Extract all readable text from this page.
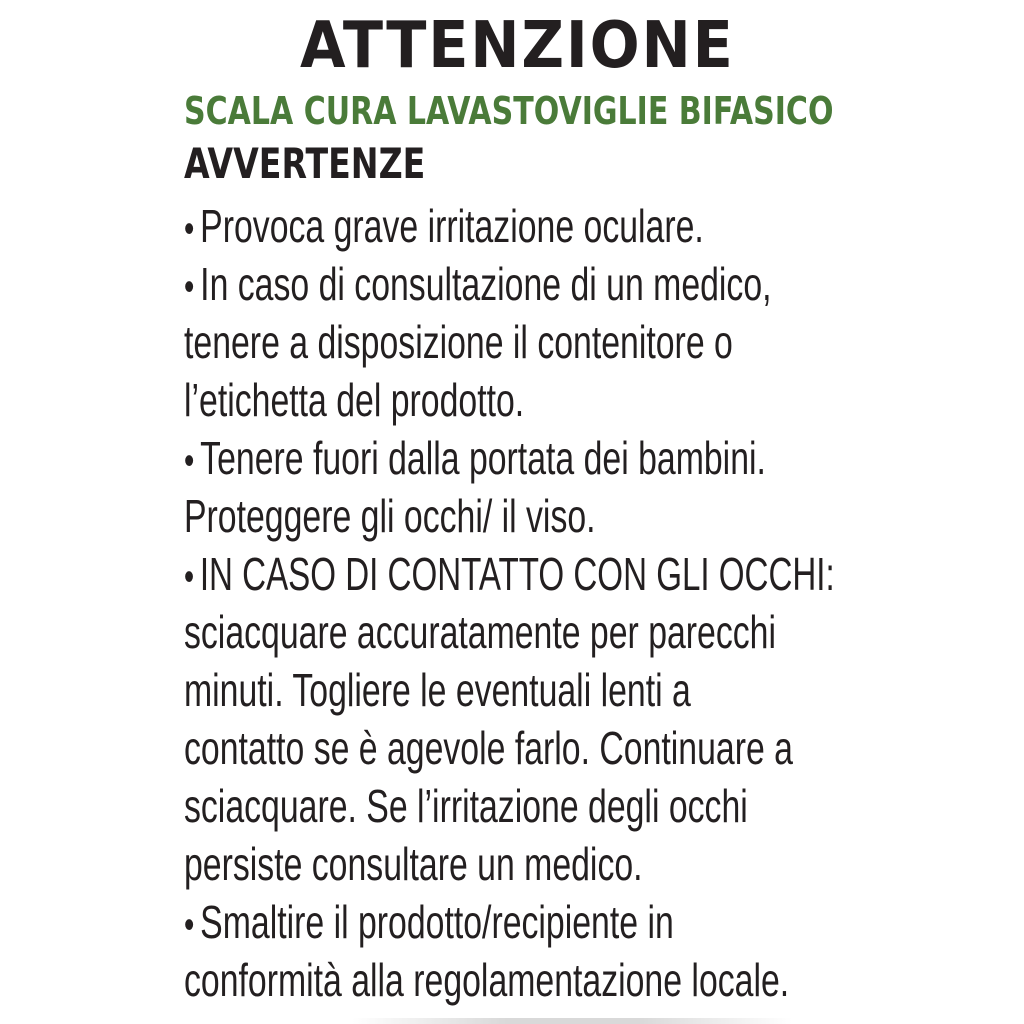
ATTENZIONE
SCALA CURA LAVASTOVIGLIE BIFASICO
AVVERTENZE
• Provoca grave irritazione oculare.
• In caso di consultazione di un medico,
tenere a disposizione il contenitore o
l’etichetta del prodotto.
• Tenere fuori dalla portata dei bambini.
Proteggere gli occhi/ il viso.
• IN CASO DI CONTATTO CON GLI OCCHI:
sciacquare accuratamente per parecchi
minuti. Togliere le eventuali lenti a
contatto se è agevole farlo. Continuare a
sciacquare. Se l’irritazione degli occhi
persiste consultare un medico.
• Smaltire il prodotto/recipiente in
conformità alla regolamentazione locale.
